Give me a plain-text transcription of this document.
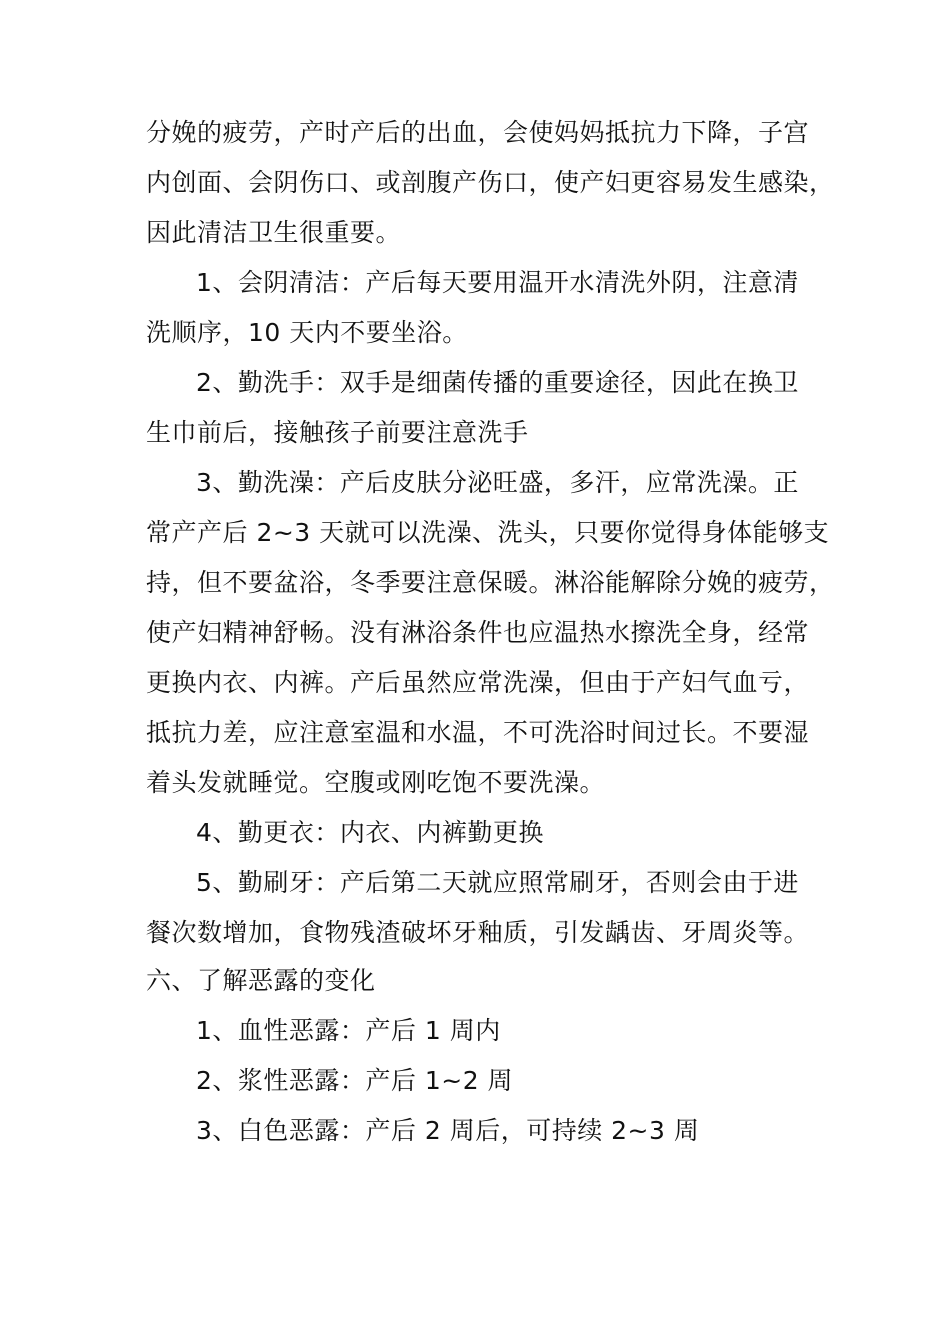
分娩的疲劳，产时产后的出血，会使妈妈抵抗力下降，子宫
内创面、会阴伤口、或剖腹产伤口，使产妇更容易发生感染，
因此清洁卫生很重要。
1、会阴清洁：产后每天要用温开水清洗外阴，注意清
洗顺序，10 天内不要坐浴。
2、勤洗手：双手是细菌传播的重要途径，因此在换卫
生巾前后，接触孩子前要注意洗手
3、勤洗澡：产后皮肤分泌旺盛，多汗，应常洗澡。正
常产产后 2~3 天就可以洗澡、洗头，只要你觉得身体能够支
持，但不要盆浴，冬季要注意保暖。淋浴能解除分娩的疲劳，
使产妇精神舒畅。没有淋浴条件也应温热水擦洗全身，经常
更换内衣、内裤。产后虽然应常洗澡，但由于产妇气血亏，
抵抗力差，应注意室温和水温，不可洗浴时间过长。不要湿
着头发就睡觉。空腹或刚吃饱不要洗澡。
4、勤更衣：内衣、内裤勤更换
5、勤刷牙：产后第二天就应照常刷牙，否则会由于进
餐次数增加，食物残渣破坏牙釉质，引发龋齿、牙周炎等。
六、了解恶露的变化
1、血性恶露：产后 1 周内
2、浆性恶露：产后 1~2 周
3、白色恶露：产后 2 周后，可持续 2~3 周
